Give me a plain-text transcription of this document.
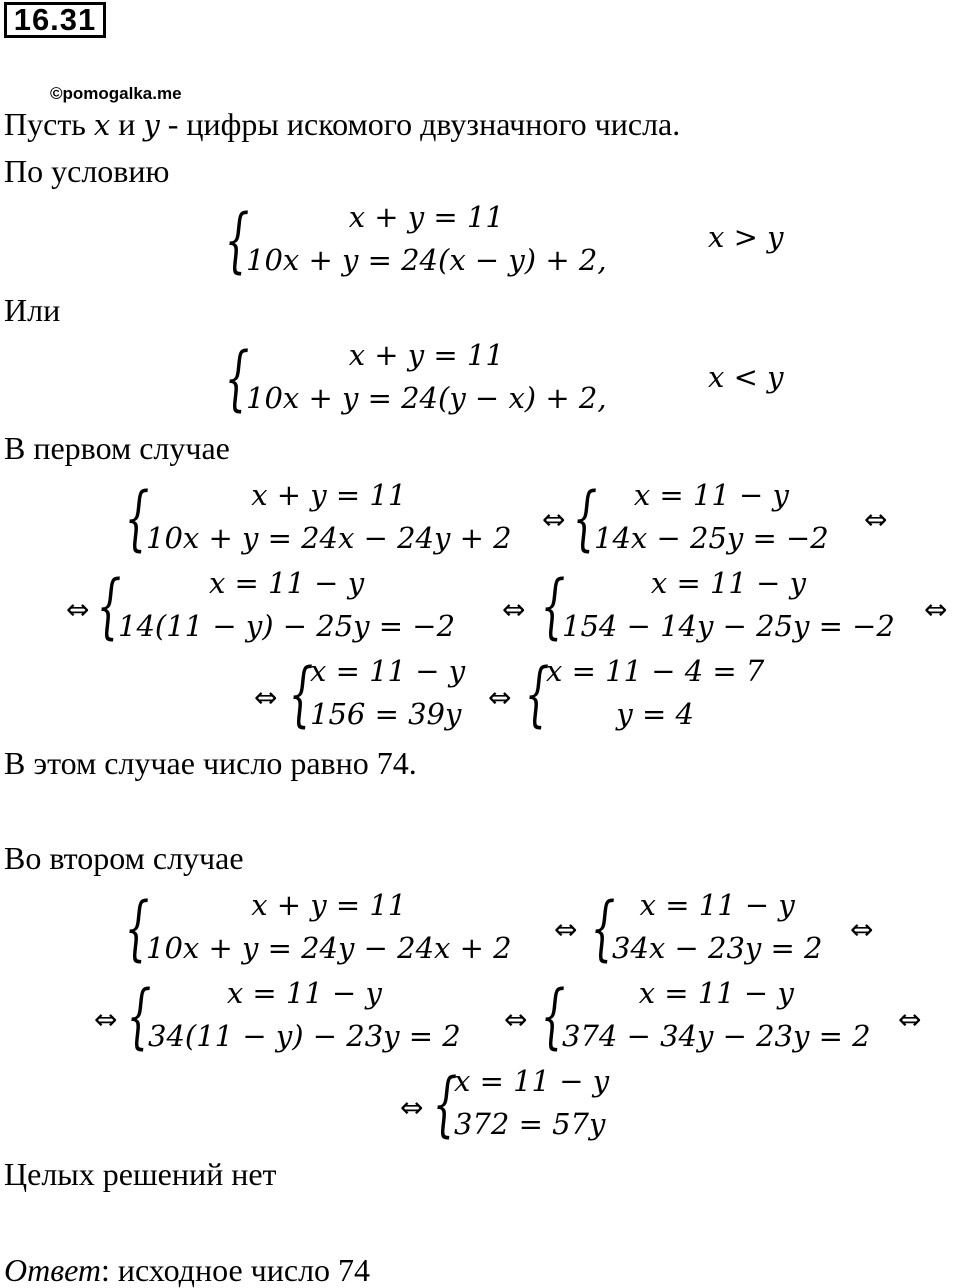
16.31
©pomogalka.me
Пусть x и y - цифры искомого двузначного числа.
По условию
{	x + y = 11
10x + y = 24(x − y) + 2,
x > y
Или
{	x + y = 11
10x + y = 24(y − x) + 2,
x < y
В первом случае
{	x + y = 11
10x + y = 24x − 24y + 2
⇔ {	x = 11 − y
14x − 25y = −2
⇔
⇔ {	x = 11 − y
14(11 − y) − 25y = −2 ⇔ {	x = 11 − y
154 − 14y − 25y = −2 ⇔
⇔ {
x = 11 − y
156 = 39y ⇔ {
x = 11 − 4 = 7
y = 4
В этом случае число равно 74.
Во втором случае
{	x + y = 11
10x + y = 24y − 24x + 2
⇔ { x = 11 − y
34x − 23y = 2
⇔
⇔ {	x = 11 − y
34(11 − y) − 23y = 2 ⇔ {	x = 11 − y
374 − 34y − 23y = 2 ⇔
⇔ {
x = 11 − y
372 = 57y
Целых решений нет
Ответ: исходное число 74
